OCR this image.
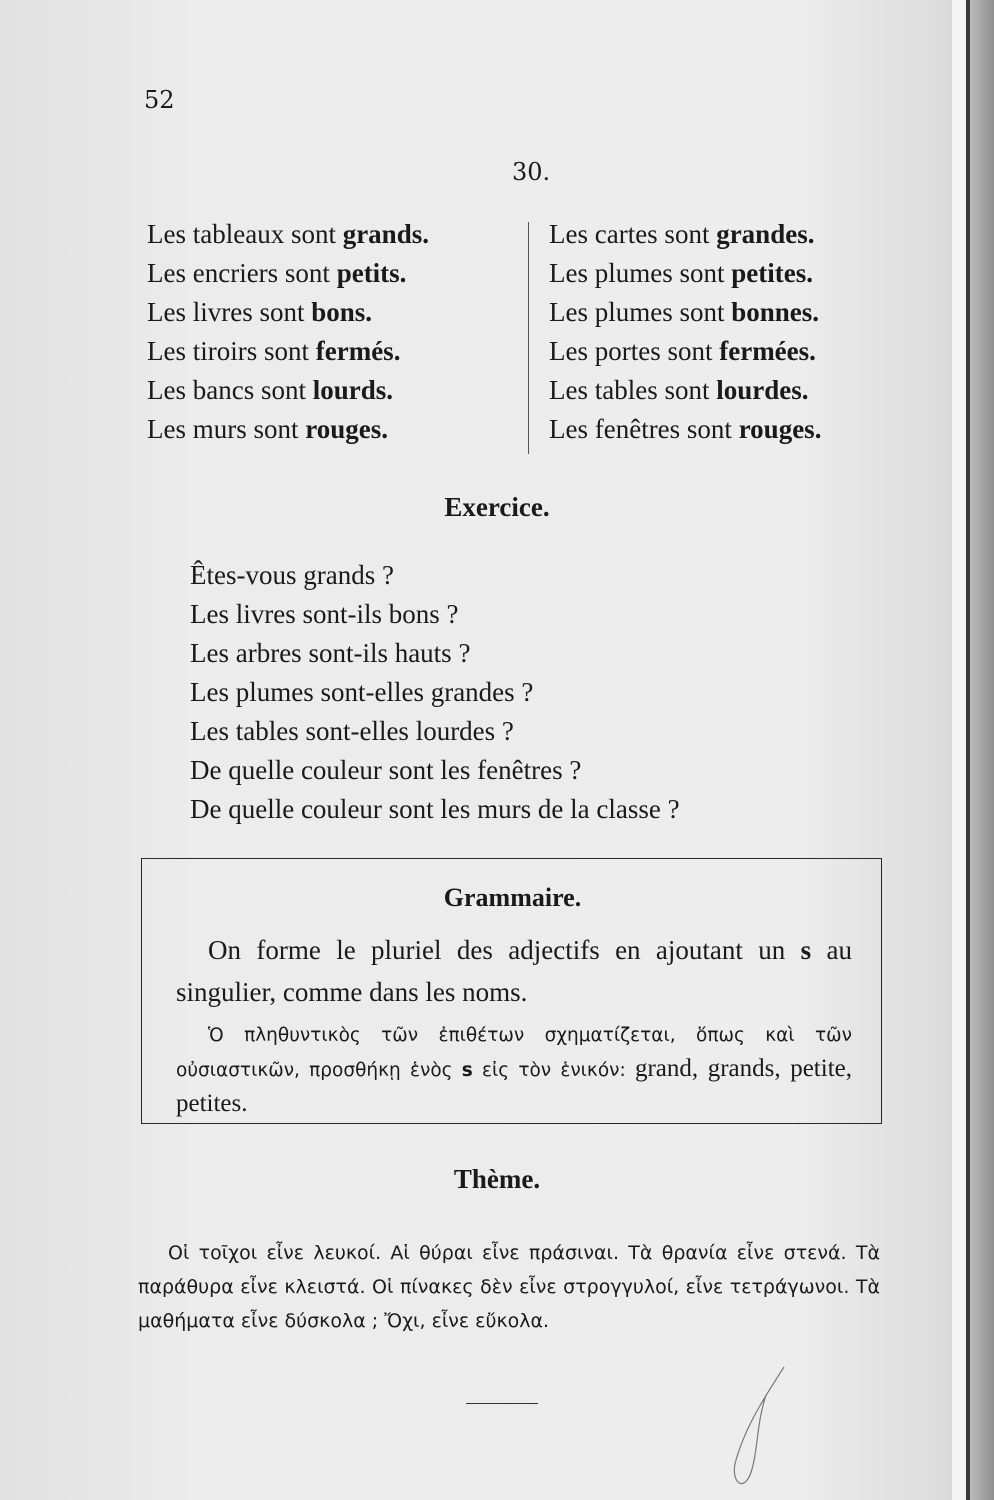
52
30.
Les tableaux sont grands.
Les encriers sont petits.
Les livres sont bons.
Les tiroirs sont fermés.
Les bancs sont lourds.
Les murs sont rouges.
Les cartes sont grandes.
Les plumes sont petites.
Les plumes sont bonnes.
Les portes sont fermées.
Les tables sont lourdes.
Les fenêtres sont rouges.
Exercice.
Êtes-vous grands ?
Les livres sont-ils bons ?
Les arbres sont-ils hauts ?
Les plumes sont-elles grandes ?
Les tables sont-elles lourdes ?
De quelle couleur sont les fenêtres ?
De quelle couleur sont les murs de la classe ?
Grammaire.
On forme le pluriel des adjectifs en ajoutant un s au singulier, comme dans les noms.
Ὁ πληθυντικὸς τῶν ἐπιθέτων σχηματίζεται, ὅπως καὶ τῶν οὐσιαστικῶν, προσθήκῃ ἑνὸς s εἰς τὸν ἑνικόν: grand, grands, petite, petites.
Thème.
Οἱ τοῖχοι εἶνε λευκοί. Αἱ θύραι εἶνε πράσιναι. Τὰ θρανία εἶνε στενά. Τὰ παράθυρα εἶνε κλειστά. Οἱ πίνακες δὲν εἶνε στρογγυλοί, εἶνε τετράγωνοι. Τὰ μαθήματα εἶνε δύσκολα ; Ὄχι, εἶνε εὔκολα.
